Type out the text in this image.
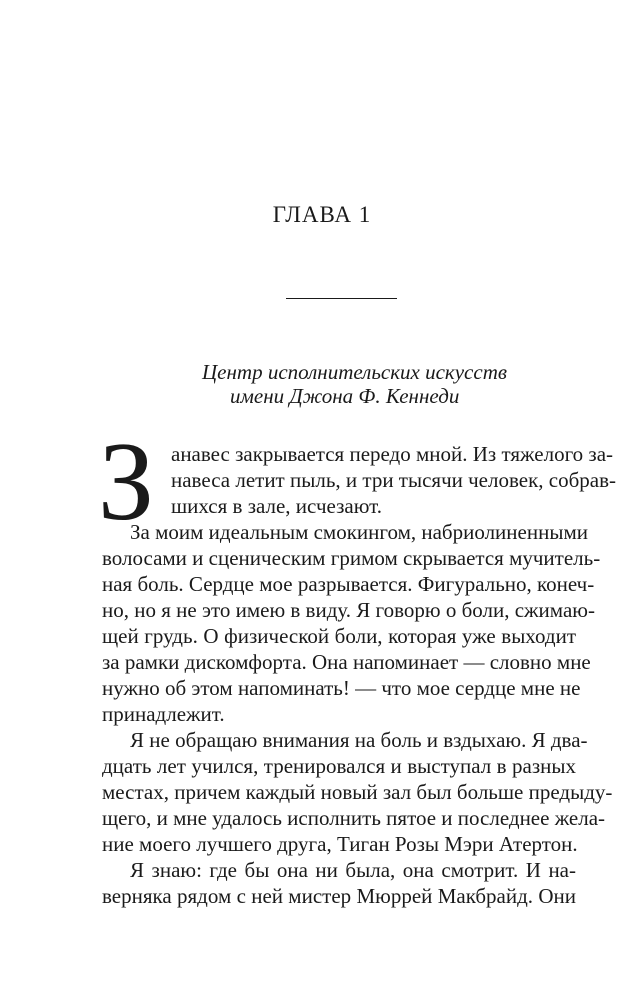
ГЛАВА 1
Центр исполнительских искусств
имени Джона Ф. Кеннеди
З анавес закрывается передо мной. Из тяжелого за-
навеса летит пыль, и три тысячи человек, собрав-
шихся в зале, исчезают.
За моим идеальным смокингом, набриолиненными
волосами и сценическим гримом скрывается мучитель-
ная боль. Сердце мое разрывается. Фигурально, конеч-
но, но я не это имею в виду. Я говорю о боли, сжимаю-
щей грудь. О физической боли, которая уже выходит
за рамки дискомфорта. Она напоминает — словно мне
нужно об этом напоминать! — что мое сердце мне не
принадлежит.
Я не обращаю внимания на боль и вздыхаю. Я два-
дцать лет учился, тренировался и выступал в разных
местах, причем каждый новый зал был больше предыду-
щего, и мне удалось исполнить пятое и последнее жела-
ние моего лучшего друга, Тиган Розы Мэри Атертон.
Я знаю: где бы она ни была, она смотрит. И на-
верняка рядом с ней мистер Мюррей Макбрайд. Они
